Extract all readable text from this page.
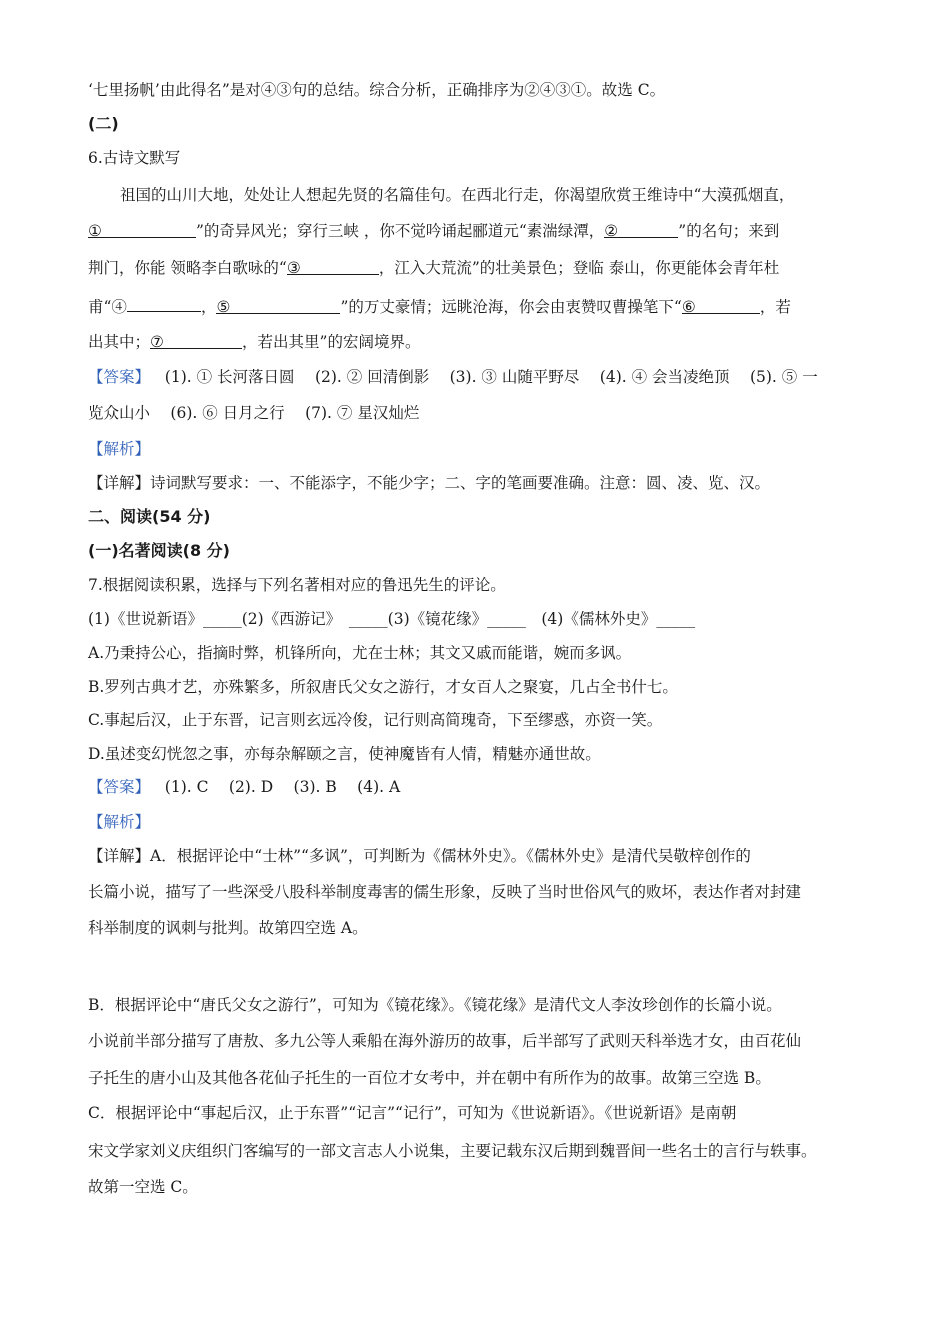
‘七里扬帆’由此得名”是对④③句的总结。综合分析，正确排序为②④③①。故选 C。
(二)
6.古诗文默写
祖国的山川大地，处处让人想起先贤的名篇佳句。在西北行走，你渴望欣赏王维诗中“大漠孤烟直，
①	”的奇异风光；穿行三峡 ，你不觉吟诵起郦道元“素湍绿潭，②	”的名句；来到
荆门，你能 领略李白歌咏的“③	，江入大荒流”的壮美景色；登临 泰山，你更能体会青年杜
甫“④	，⑤	”的万丈豪情；远眺沧海，你会由衷赞叹曹操笔下“⑥	，若
出其中；⑦	，若出其里”的宏阔境界。
【答案】 (1). ① 长河落日圆　 (2). ② 回清倒影　 (3). ③ 山随平野尽　 (4). ④ 会当凌绝顶　 (5). ⑤ 一
览众山小　 (6). ⑥ 日月之行　 (7). ⑦ 星汉灿烂
【解析】
【详解】诗词默写要求：一、不能添字，不能少字；二、字的笔画要准确。注意：圆、凌、览、汉。
二、阅读(54 分)
(一)名著阅读(8 分)
7.根据阅读积累，选择与下列名著相对应的鲁迅先生的评论。
(1)《世说新语》_____(2)《西游记》　_____(3)《镜花缘》_____　(4)《儒林外史》_____
A.乃秉持公心，指摘时弊，机锋所向，尤在士林；其文又戚而能谐，婉而多讽。
B.罗列古典才艺，亦殊繁多，所叙唐氏父女之游行，才女百人之聚宴，几占全书什七。
C.事起后汉，止于东晋，记言则玄远冷俊，记行则高简瑰奇，下至缪惑，亦资一笑。
D.虽述变幻恍忽之事，亦每杂解颐之言，使神魔皆有人情，精魅亦通世故。
【答案】 (1). C　 (2). D　 (3). B　 (4). A
【解析】
【详解】A．根据评论中“士林”“多讽”，可判断为《儒林外史》。《儒林外史》是清代吴敬梓创作的
长篇小说，描写了一些深受八股科举制度毒害的儒生形象，反映了当时世俗风气的败坏，表达作者对封建
科举制度的讽刺与批判。故第四空选 A。
B．根据评论中“唐氏父女之游行”，可知为《镜花缘》。《镜花缘》是清代文人李汝珍创作的长篇小说。
小说前半部分描写了唐敖、多九公等人乘船在海外游历的故事，后半部写了武则天科举选才女，由百花仙
子托生的唐小山及其他各花仙子托生的一百位才女考中，并在朝中有所作为的故事。故第三空选 B。
C．根据评论中“事起后汉，止于东晋”“记言”“记行”，可知为《世说新语》。《世说新语》是南朝
宋文学家刘义庆组织门客编写的一部文言志人小说集，主要记载东汉后期到魏晋间一些名士的言行与轶事。
故第一空选 C。
